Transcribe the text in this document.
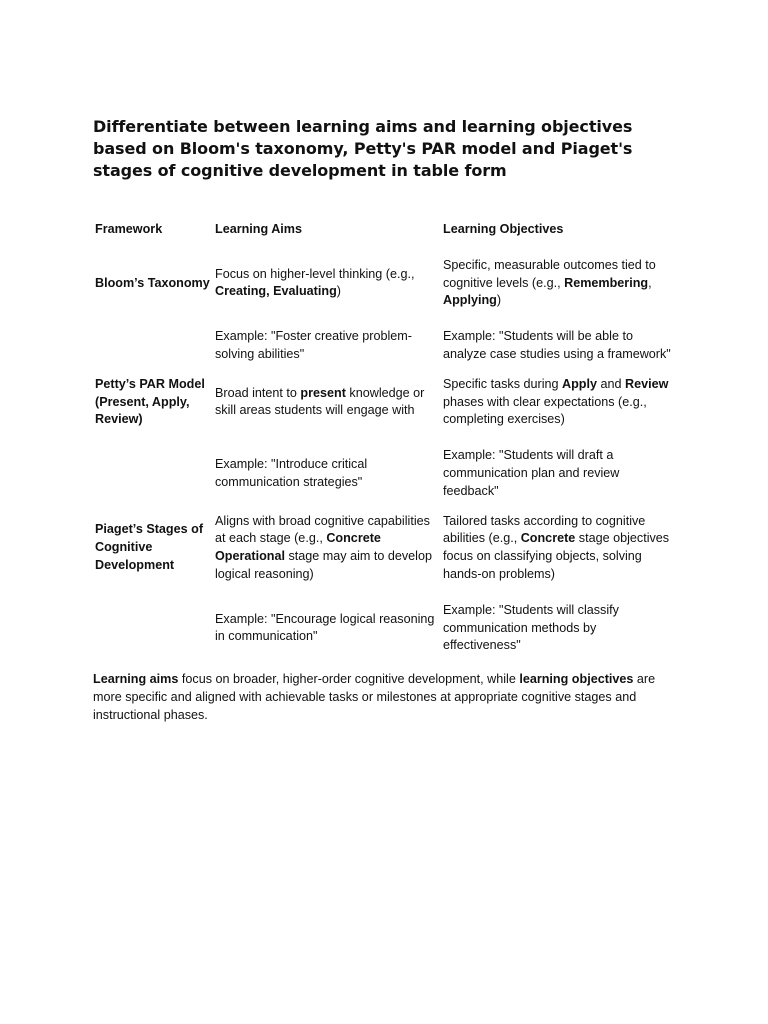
Differentiate between learning aims and learning objectives based on Bloom's taxonomy, Petty's PAR model and Piaget's stages of cognitive development in table form
Framework	Learning Aims	Learning Objectives
Bloom’s Taxonomy	Focus on higher-level thinking (e.g., Creating, Evaluating)	Specific, measurable outcomes tied to cognitive levels (e.g., Remembering, Applying)
	Example: "Foster creative problem-solving abilities"	Example: "Students will be able to analyze case studies using a framework"
Petty’s PAR Model (Present, Apply, Review)	Broad intent to present knowledge or skill areas students will engage with	Specific tasks during Apply and Review phases with clear expectations (e.g., completing exercises)
	Example: "Introduce critical communication strategies"	Example: "Students will draft a communication plan and review feedback"
Piaget’s Stages of Cognitive Development	Aligns with broad cognitive capabilities at each stage (e.g., Concrete Operational stage may aim to develop logical reasoning)	Tailored tasks according to cognitive abilities (e.g., Concrete stage objectives focus on classifying objects, solving hands-on problems)
	Example: "Encourage logical reasoning in communication"	Example: "Students will classify communication methods by effectiveness"

Learning aims focus on broader, higher-order cognitive development, while learning objectives are more specific and aligned with achievable tasks or milestones at appropriate cognitive stages and instructional phases.
